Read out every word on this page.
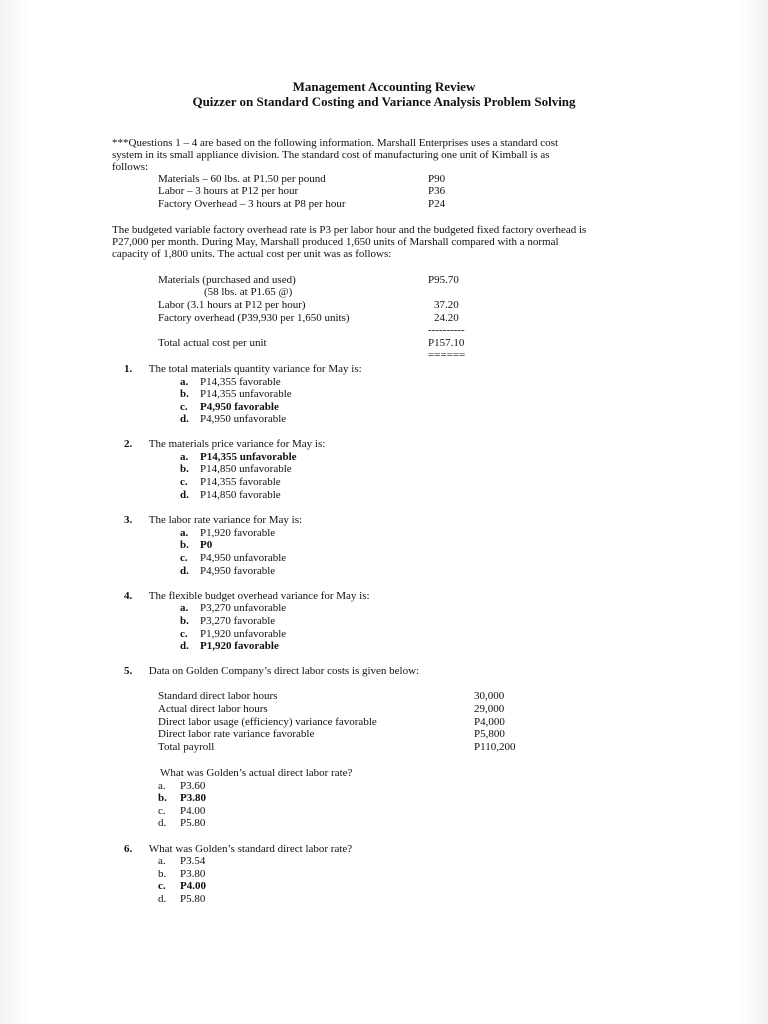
Management Accounting Review
Quizzer on Standard Costing and Variance Analysis Problem Solving
***Questions 1 – 4 are based on the following information. Marshall Enterprises uses a standard cost
system in its small appliance division. The standard cost of manufacturing one unit of Kimball is as
follows:
Materials – 60 lbs. at P1.50 per pound	P90
Labor – 3 hours at P12 per hour	P36
Factory Overhead – 3 hours at P8 per hour	P24
The budgeted variable factory overhead rate is P3 per labor hour and the budgeted fixed factory overhead is
P27,000 per month. During May, Marshall produced 1,650 units of Marshall compared with a normal
capacity of 1,800 units. The actual cost per unit was as follows:
Materials (purchased and used)	P95.70
(58 lbs. at P1.65 @)
Labor (3.1 hours at P12 per hour)	37.20
Factory overhead (P39,930 per 1,650 units)	24.20
----------
Total actual cost per unit	P157.10
======
1. The total materials quantity variance for May is:
a. P14,355 favorable
b. P14,355 unfavorable
c. P4,950 favorable
d. P4,950 unfavorable
2. The materials price variance for May is:
a. P14,355 unfavorable
b. P14,850 unfavorable
c. P14,355 favorable
d. P14,850 favorable
3. The labor rate variance for May is:
a. P1,920 favorable
b. P0
c. P4,950 unfavorable
d. P4,950 favorable
4. The flexible budget overhead variance for May is:
a. P3,270 unfavorable
b. P3,270 favorable
c. P1,920 unfavorable
d. P1,920 favorable
5. Data on Golden Company’s direct labor costs is given below:
Standard direct labor hours	30,000
Actual direct labor hours	29,000
Direct labor usage (efficiency) variance favorable	P4,000
Direct labor rate variance favorable	P5,800
Total payroll	P110,200
What was Golden’s actual direct labor rate?
a. P3.60
b. P3.80
c. P4.00
d. P5.80
6. What was Golden’s standard direct labor rate?
a. P3.54
b. P3.80
c. P4.00
d. P5.80
